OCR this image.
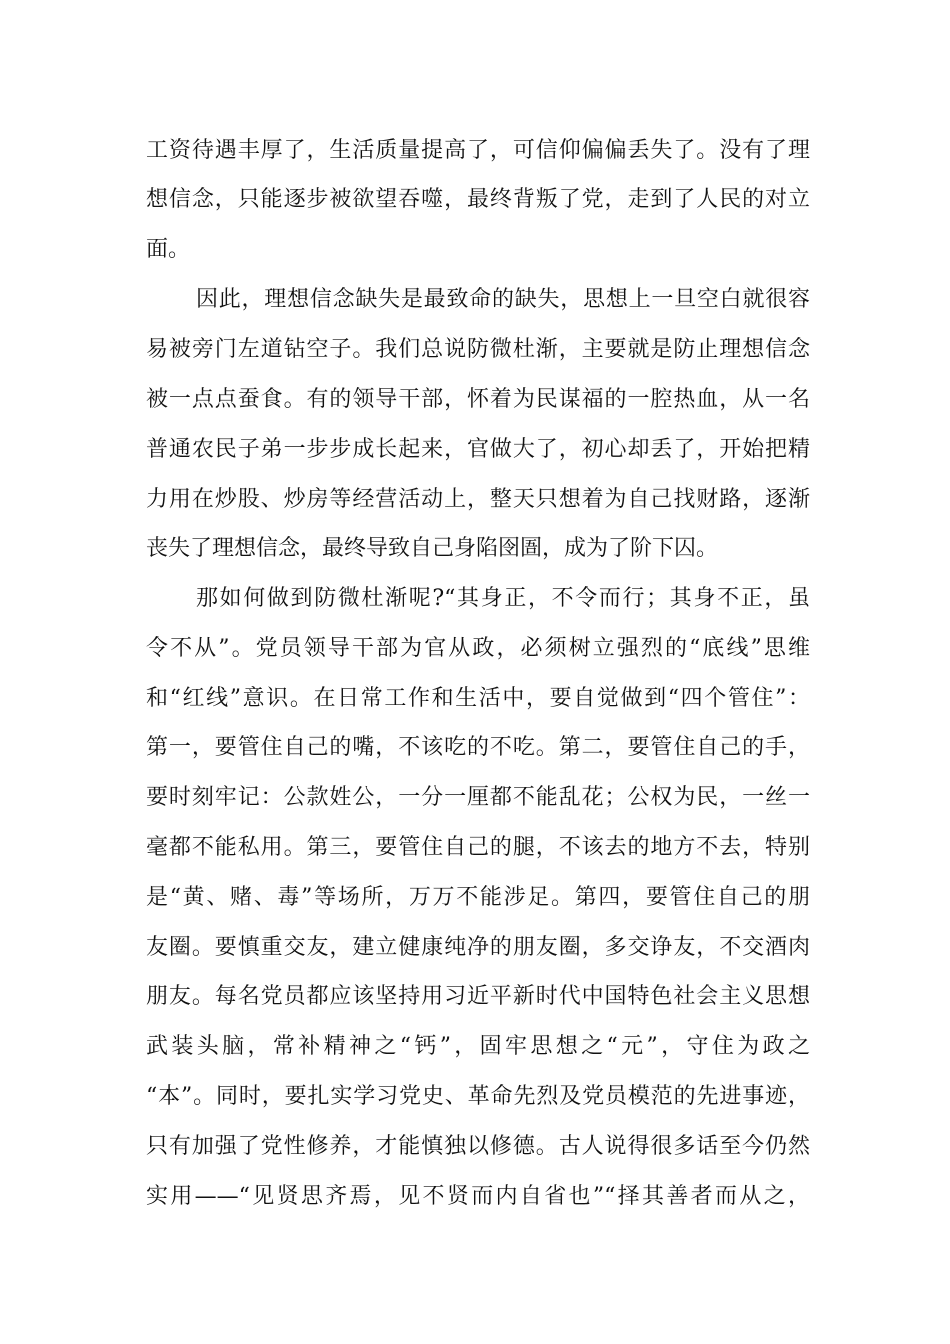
工资待遇丰厚了，生活质量提高了，可信仰偏偏丢失了。没有了理
想信念，只能逐步被欲望吞噬，最终背叛了党，走到了人民的对立
面。
因此，理想信念缺失是最致命的缺失，思想上一旦空白就很容
易被旁门左道钻空子。我们总说防微杜渐，主要就是防止理想信念
被一点点蚕食。有的领导干部，怀着为民谋福的一腔热血，从一名
普通农民子弟一步步成长起来，官做大了，初心却丢了，开始把精
力用在炒股、炒房等经营活动上，整天只想着为自己找财路，逐渐
丧失了理想信念，最终导致自己身陷囹圄，成为了阶下囚。
那如何做到防微杜渐呢?“其身正，不令而行；其身不正，虽
令不从”。党员领导干部为官从政，必须树立强烈的“底线”思维
和“红线”意识。在日常工作和生活中，要自觉做到“四个管住”：
第一，要管住自己的嘴，不该吃的不吃。第二，要管住自己的手，
要时刻牢记：公款姓公，一分一厘都不能乱花；公权为民，一丝一
毫都不能私用。第三，要管住自己的腿，不该去的地方不去，特别
是“黄、赌、毒”等场所，万万不能涉足。第四，要管住自己的朋
友圈。要慎重交友，建立健康纯净的朋友圈，多交诤友，不交酒肉
朋友。每名党员都应该坚持用习近平新时代中国特色社会主义思想
武装头脑，常补精神之“钙”，固牢思想之“元”，守住为政之
“本”。同时，要扎实学习党史、革命先烈及党员模范的先进事迹，
只有加强了党性修养，才能慎独以修德。古人说得很多话至今仍然
实用——“见贤思齐焉，见不贤而内自省也”“择其善者而从之，
